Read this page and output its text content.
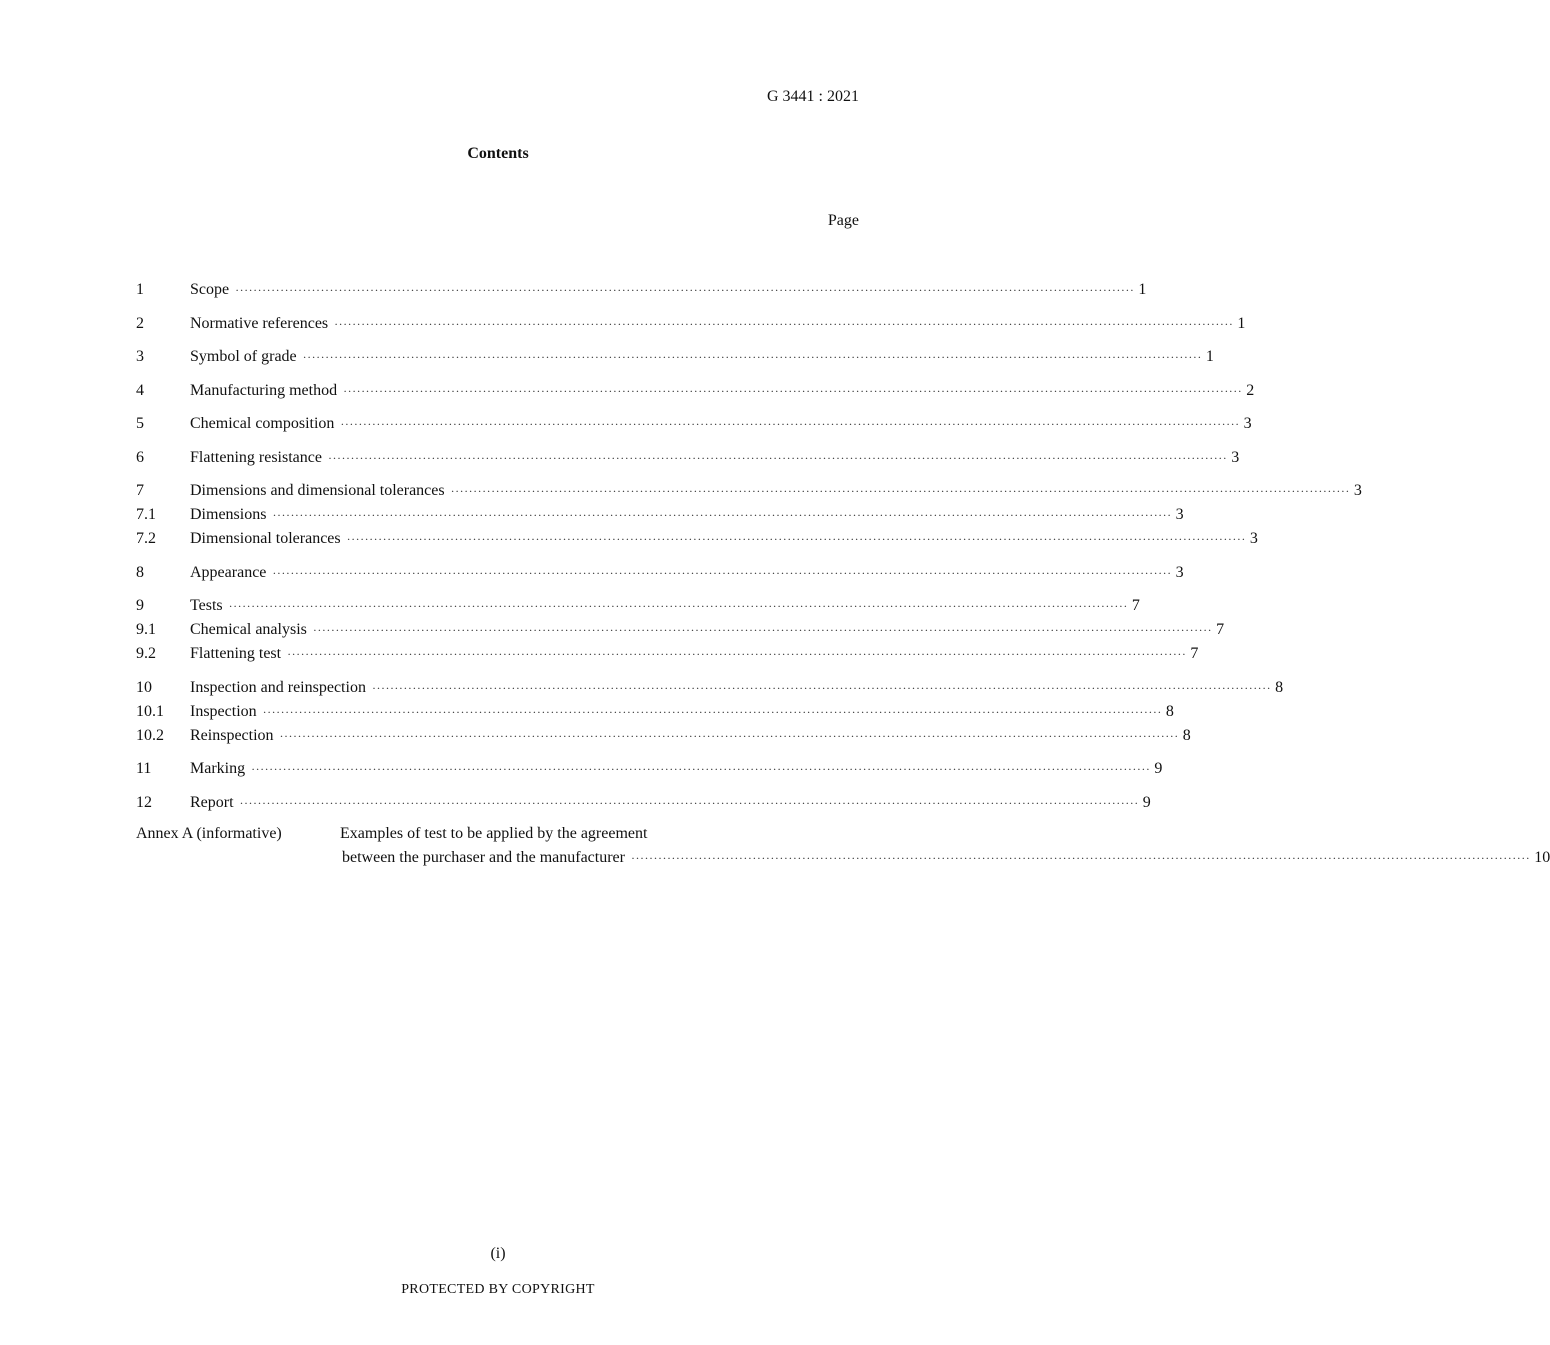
G 3441 : 2021
Contents
Page
1	Scope ········································································································································································································ 1
2	Normative references ········································································································································································································ 1
3	Symbol of grade ········································································································································································································ 1
4	Manufacturing method ········································································································································································································ 2
5	Chemical composition ········································································································································································································ 3
6	Flattening resistance ········································································································································································································ 3
7	Dimensions and dimensional tolerances ········································································································································································································ 3
7.1	Dimensions ········································································································································································································ 3
7.2	Dimensional tolerances ········································································································································································································ 3
8	Appearance ········································································································································································································ 3
9	Tests ········································································································································································································ 7
9.1	Chemical analysis ········································································································································································································ 7
9.2	Flattening test ········································································································································································································ 7
10	Inspection and reinspection ········································································································································································································ 8
10.1	Inspection ········································································································································································································ 8
10.2	Reinspection ········································································································································································································ 8
11	Marking ········································································································································································································ 9
12	Report ········································································································································································································ 9
Annex A (informative)	Examples of test to be applied by the agreement
between the purchaser and the manufacturer ········································································································································································································ 10
(i)
PROTECTED BY COPYRIGHT
